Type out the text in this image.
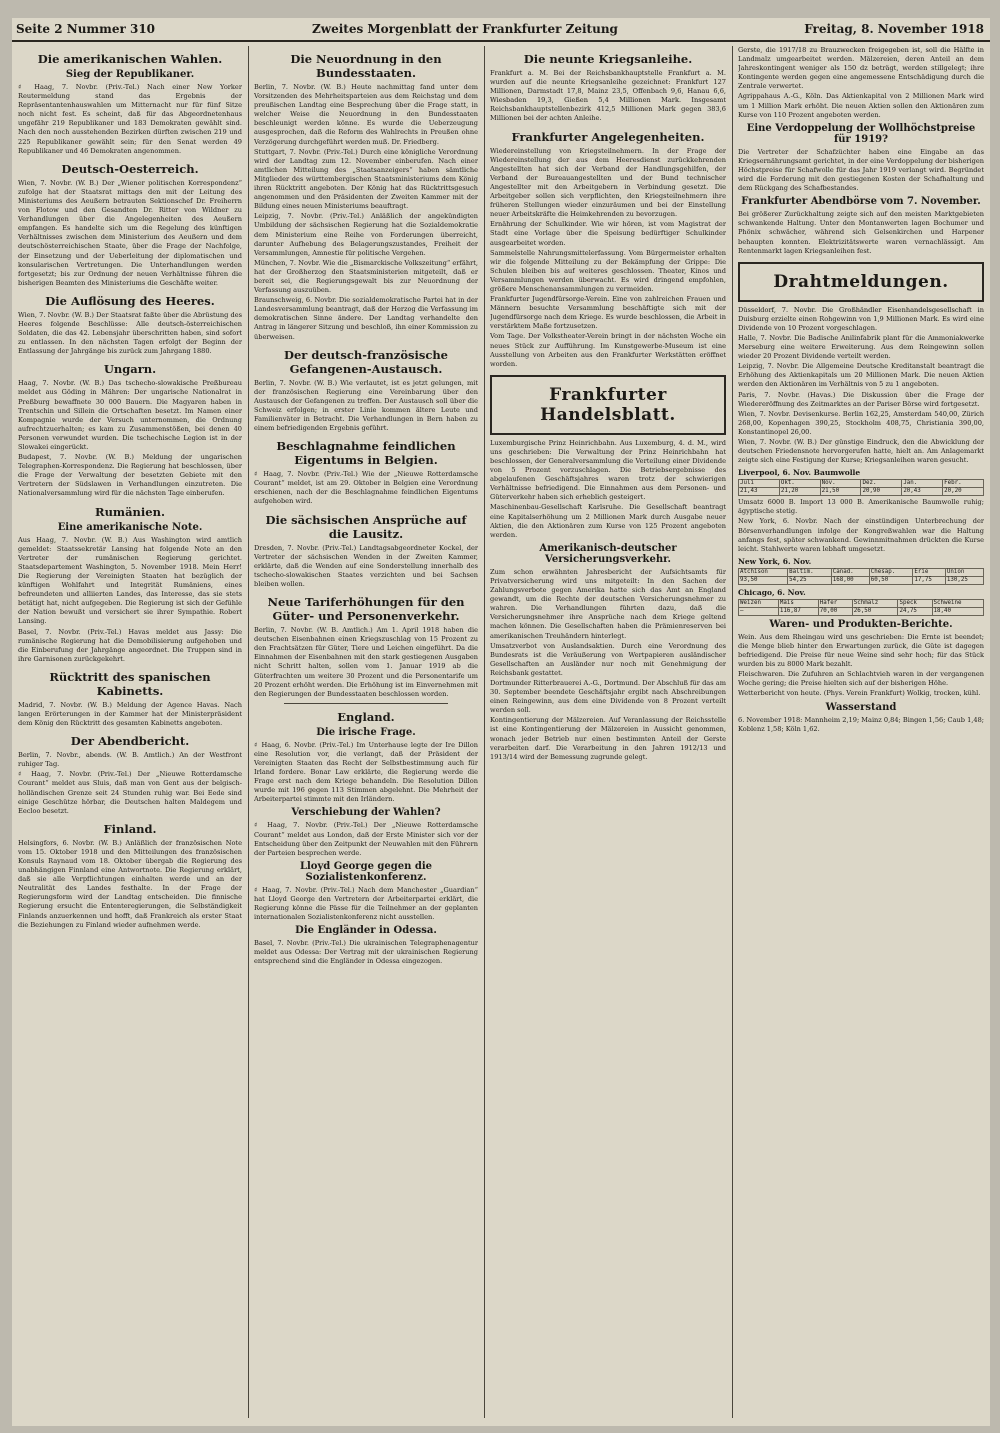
Seite 2 Nummer 310	Zweites Morgenblatt der Frankfurter Zeitung	Freitag, 8. November 1918
Die amerikanischen Wahlen.
Sieg der Republikaner.

♯ Haag, 7. Novbr. (Priv.-Tel.) Nach einer New Yorker Reutermeldung stand das Ergebnis der Repräsentantenhauswahlen um Mitternacht nur für fünf Sitze noch nicht fest. Es scheint, daß für das Abgeordnetenhaus ungefähr 219 Republikaner und 183 Demokraten gewählt sind. Nach den noch ausstehenden Bezirken dürften zwischen 219 und 225 Republikaner gewählt sein; für den Senat werden 49 Republikaner und 46 Demokraten angenommen.

Deutsch-Oesterreich.

Wien, 7. Novbr. (W. B.) Der „Wiener politischen Korrespondenz“ zufolge hat der Staatsrat mittags den mit der Leitung des Ministeriums des Aeußern betrauten Sektionschef Dr. Freiherrn von Flotow und den Gesandten Dr. Ritter von Wildner zu Verhandlungen über die Angelegenheiten des Aeußern empfangen. Es handelte sich um die Regelung des künftigen Verhältnisses zwischen dem Ministerium des Aeußern und dem deutschösterreichischen Staate, über die Frage der Nachfolge, der Einsetzung und der Ueberleitung der diplomatischen und konsularischen Vertretungen. Die Unterhandlungen werden fortgesetzt; bis zur Ordnung der neuen Verhältnisse führen die bisherigen Beamten des Ministeriums die Geschäfte weiter.

Die Auflösung des Heeres.

Wien, 7. Novbr. (W. B.) Der Staatsrat faßte über die Abrüstung des Heeres folgende Beschlüsse: Alle deutsch-österreichischen Soldaten, die das 42. Lebensjahr überschritten haben, sind sofort zu entlassen. In den nächsten Tagen erfolgt der Beginn der Entlassung der Jahrgänge bis zurück zum Jahrgang 1880.

Ungarn.

Haag, 7. Novbr. (W. B.) Das tschecho-slowakische Preßbureau meldet aus Göding in Mähren: Der ungarische Nationalrat in Preßburg bewaffnete 30 000 Bauern. Die Magyaren haben in Trentschin und Sillein die Ortschaften besetzt. Im Namen einer Kompagnie wurde der Versuch unternommen, die Ordnung aufrechtzuerhalten; es kam zu Zusammenstößen, bei denen 40 Personen verwundet wurden. Die tschechische Legion ist in der Slowakei eingerückt.

Budapest, 7. Novbr. (W. B.) Meldung der ungarischen Telegraphen-Korrespondenz. Die Regierung hat beschlossen, über die Frage der Verwaltung der besetzten Gebiete mit den Vertretern der Südslawen in Verhandlungen einzutreten. Die Nationalversammlung wird für die nächsten Tage einberufen.

Rumänien.
Eine amerikanische Note.

Aus Haag, 7. Novbr. (W. B.) Aus Washington wird amtlich gemeldet: Staatssekretär Lansing hat folgende Note an den Vertreter der rumänischen Regierung gerichtet. Staatsdepartement Washington, 5. November 1918. Mein Herr! Die Regierung der Vereinigten Staaten hat bezüglich der künftigen Wohlfahrt und Integrität Rumäniens, eines befreundeten und alliierten Landes, das Interesse, das sie stets betätigt hat, nicht aufgegeben. Die Regierung ist sich der Gefühle der Nation bewußt und versichert sie ihrer Sympathie. Robert Lansing.

Basel, 7. Novbr. (Priv.-Tel.) Havas meldet aus Jassy: Die rumänische Regierung hat die Demobilisierung aufgehoben und die Einberufung der Jahrgänge angeordnet. Die Truppen sind in ihre Garnisonen zurückgekehrt.

Rücktritt des spanischen Kabinetts.

Madrid, 7. Novbr. (W. B.) Meldung der Agence Havas. Nach langen Erörterungen in der Kammer hat der Ministerpräsident dem König den Rücktritt des gesamten Kabinetts angeboten.

Der Abendbericht.

Berlin, 7. Novbr., abends. (W. B. Amtlich.) An der Westfront ruhiger Tag.

♯ Haag, 7. Novbr. (Priv.-Tel.) Der „Nieuwe Rotterdamsche Courant“ meldet aus Sluis, daß man von Gent aus der belgisch-holländischen Grenze seit 24 Stunden ruhig war. Bei Eede sind einige Geschütze hörbar, die Deutschen halten Maldegem und Eecloo besetzt.

Finland.

Helsingfors, 6. Novbr. (W. B.) Anläßlich der französischen Note vom 15. Oktober 1918 und den Mitteilungen des französischen Konsuls Raynaud vom 18. Oktober übergab die Regierung des unabhängigen Finnland eine Antwortnote. Die Regierung erklärt, daß sie alle Verpflichtungen einhalten werde und an der Neutralität des Landes festhalte. In der Frage der Regierungsform wird der Landtag entscheiden. Die finnische Regierung ersucht die Ententeregierungen, die Selbständigkeit Finlands anzuerkennen und hofft, daß Frankreich als erster Staat die Beziehungen zu Finland wieder aufnehmen werde.

Die Neuordnung in den Bundesstaaten.

Berlin, 7. Novbr. (W. B.) Heute nachmittag fand unter dem Vorsitzenden des Mehrheitsparteien aus dem Reichstag und dem preußischen Landtag eine Besprechung über die Frage statt, in welcher Weise die Neuordnung in den Bundesstaaten beschleunigt werden könne. Es wurde die Ueberzeugung ausgesprochen, daß die Reform des Wahlrechts in Preußen ohne Verzögerung durchgeführt werden muß. Dr. Friedberg.

Stuttgart, 7. Novbr. (Priv.-Tel.) Durch eine königliche Verordnung wird der Landtag zum 12. November einberufen. Nach einer amtlichen Mitteilung des „Staatsanzeigers“ haben sämtliche Mitglieder des württembergischen Staatsministeriums dem König ihren Rücktritt angeboten. Der König hat das Rücktrittsgesuch angenommen und den Präsidenten der Zweiten Kammer mit der Bildung eines neuen Ministeriums beauftragt.

Leipzig, 7. Novbr. (Priv.-Tel.) Anläßlich der angekündigten Umbildung der sächsischen Regierung hat die Sozialdemokratie dem Ministerium eine Reihe von Forderungen überreicht, darunter Aufhebung des Belagerungszustandes, Freiheit der Versammlungen, Amnestie für politische Vergehen.

München, 7. Novbr. Wie die „Bismarckische Volkszeitung“ erfährt, hat der Großherzog den Staatsministerien mitgeteilt, daß er bereit sei, die Regierungsgewalt bis zur Neuordnung der Verfassung auszuüben.

Braunschweig, 6. Novbr. Die sozialdemokratische Partei hat in der Landesversammlung beantragt, daß der Herzog die Verfassung im demokratischen Sinne ändere. Der Landtag verhandelte den Antrag in längerer Sitzung und beschloß, ihn einer Kommission zu überweisen.

Der deutsch-französische Gefangenen-Austausch.

Berlin, 7. Novbr. (W. B.) Wie verlautet, ist es jetzt gelungen, mit der französischen Regierung eine Vereinbarung über den Austausch der Gefangenen zu treffen. Der Austausch soll über die Schweiz erfolgen; in erster Linie kommen ältere Leute und Familienväter in Betracht. Die Verhandlungen in Bern haben zu einem befriedigenden Ergebnis geführt.

Beschlagnahme feindlichen Eigentums in Belgien.

♯ Haag, 7. Novbr. (Priv.-Tel.) Wie der „Nieuwe Rotterdamsche Courant“ meldet, ist am 29. Oktober in Belgien eine Verordnung erschienen, nach der die Beschlagnahme feindlichen Eigentums aufgehoben wird.

Die sächsischen Ansprüche auf die Lausitz.

Dresden, 7. Novbr. (Priv.-Tel.) Landtagsabgeordneter Kockel, der Vertreter der sächsischen Wenden in der Zweiten Kammer, erklärte, daß die Wenden auf eine Sonderstellung innerhalb des tschecho-slowakischen Staates verzichten und bei Sachsen bleiben wollen.

Neue Tariferhöhungen für den Güter- und Personenverkehr.

Berlin, 7. Novbr. (W. B. Amtlich.) Am 1. April 1918 haben die deutschen Eisenbahnen einen Kriegszuschlag von 15 Prozent zu den Frachtsätzen für Güter, Tiere und Leichen eingeführt. Da die Einnahmen der Eisenbahnen mit den stark gestiegenen Ausgaben nicht Schritt halten, sollen vom 1. Januar 1919 ab die Güterfrachten um weitere 30 Prozent und die Personentarife um 20 Prozent erhöht werden. Die Erhöhung ist im Einvernehmen mit den Regierungen der Bundesstaaten beschlossen worden.

England.
Die irische Frage.

♯ Haag, 6. Novbr. (Priv.-Tel.) Im Unterhause legte der Ire Dillon eine Resolution vor, die verlangt, daß der Präsident der Vereinigten Staaten das Recht der Selbstbestimmung auch für Irland fordere. Bonar Law erklärte, die Regierung werde die Frage erst nach dem Kriege behandeln. Die Resolution Dillon wurde mit 196 gegen 113 Stimmen abgelehnt. Die Mehrheit der Arbeiterpartei stimmte mit den Irländern.

Verschiebung der Wahlen?

♯ Haag, 7. Novbr. (Priv.-Tel.) Der „Nieuwe Rotterdamsche Courant“ meldet aus London, daß der Erste Minister sich vor der Entscheidung über den Zeitpunkt der Neuwahlen mit den Führern der Parteien besprechen werde.

Lloyd George gegen die Sozialistenkonferenz.

♯ Haag, 7. Novbr. (Priv.-Tel.) Nach dem Manchester „Guardian“ hat Lloyd George den Vertretern der Arbeiterpartei erklärt, die Regierung könne die Pässe für die Teilnehmer an der geplanten internationalen Sozialistenkonferenz nicht ausstellen.

Die Engländer in Odessa.

Basel, 7. Novbr. (Priv.-Tel.) Die ukrainischen Telegraphenagentur meldet aus Odessa: Der Vertrag mit der ukrainischen Regierung entsprechend sind die Engländer in Odessa eingezogen.

Die neunte Kriegsanleihe.

Frankfurt a. M. Bei der Reichsbankhauptstelle Frankfurt a. M. wurden auf die neunte Kriegsanleihe gezeichnet: Frankfurt 127 Millionen, Darmstadt 17,8, Mainz 23,5, Offenbach 9,6, Hanau 6,6, Wiesbaden 19,3, Gießen 5,4 Millionen Mark. Insgesamt Reichsbankhauptstellenbezirk 412,5 Millionen Mark gegen 383,6 Millionen bei der achten Anleihe.

Frankfurter Angelegenheiten.

Wiedereinstellung von Kriegsteilnehmern. In der Frage der Wiedereinstellung der aus dem Heeresdienst zurückkehrenden Angestellten hat sich der Verband der Handlungsgehilfen, der Verband der Bureauangestellten und der Bund technischer Angestellter mit den Arbeitgebern in Verbindung gesetzt. Die Arbeitgeber sollen sich verpflichten, den Kriegsteilnehmern ihre früheren Stellungen wieder einzuräumen und bei der Einstellung neuer Arbeitskräfte die Heimkehrenden zu bevorzugen.

Ernährung der Schulkinder. Wie wir hören, ist vom Magistrat der Stadt eine Vorlage über die Speisung bedürftiger Schulkinder ausgearbeitet worden.

Sammelstelle Nahrungsmittelerfassung. Vom Bürgermeister erhalten wir die folgende Mitteilung zu der Bekämpfung der Grippe: Die Schulen bleiben bis auf weiteres geschlossen. Theater, Kinos und Versammlungen werden überwacht. Es wird dringend empfohlen, größere Menschenansammlungen zu vermeiden.

Frankfurter Jugendfürsorge-Verein. Eine von zahlreichen Frauen und Männern besuchte Versammlung beschäftigte sich mit der Jugendfürsorge nach dem Kriege. Es wurde beschlossen, die Arbeit in verstärktem Maße fortzusetzen.

Vom Tage. Der Volkstheater-Verein bringt in der nächsten Woche ein neues Stück zur Aufführung. Im Kunstgewerbe-Museum ist eine Ausstellung von Arbeiten aus den Frankfurter Werkstätten eröffnet worden.

Frankfurter Handelsblatt.

Luxemburgische Prinz Heinrichbahn. Aus Luxemburg, 4. d. M., wird uns geschrieben: Die Verwaltung der Prinz Heinrichbahn hat beschlossen, der Generalversammlung die Verteilung einer Dividende von 5 Prozent vorzuschlagen. Die Betriebsergebnisse des abgelaufenen Geschäftsjahres waren trotz der schwierigen Verhältnisse befriedigend. Die Einnahmen aus dem Personen- und Güterverkehr haben sich erheblich gesteigert.

Maschinenbau-Gesellschaft Karlsruhe. Die Gesellschaft beantragt eine Kapitalserhöhung um 2 Millionen Mark durch Ausgabe neuer Aktien, die den Aktionären zum Kurse von 125 Prozent angeboten werden.

Amerikanisch-deutscher Versicherungsverkehr.

Zum schon erwähnten Jahresbericht der Aufsichtsamts für Privatversicherung wird uns mitgeteilt: In den Sachen der Zahlungsverbote gegen Amerika hatte sich das Amt an England gewandt, um die Rechte der deutschen Versicherungsnehmer zu wahren. Die Verhandlungen führten dazu, daß die Versicherungsnehmer ihre Ansprüche nach dem Kriege geltend machen können. Die Gesellschaften haben die Prämienreserven bei amerikanischen Treuhändern hinterlegt.

Umsatzverbot von Auslandsaktien. Durch eine Verordnung des Bundesrats ist die Veräußerung von Wertpapieren ausländischer Gesellschaften an Ausländer nur noch mit Genehmigung der Reichsbank gestattet.

Dortmunder Ritterbrauerei A.-G., Dortmund. Der Abschluß für das am 30. September beendete Geschäftsjahr ergibt nach Abschreibungen einen Reingewinn, aus dem eine Dividende von 8 Prozent verteilt werden soll.

Kontingentierung der Mälzereien. Auf Veranlassung der Reichsstelle ist eine Kontingentierung der Mälzereien in Aussicht genommen, wonach jeder Betrieb nur einen bestimmten Anteil der Gerste verarbeiten darf. Die Verarbeitung in den Jahren 1912/13 und 1913/14 wird der Bemessung zugrunde gelegt.

Gerste, die 1917/18 zu Brauzwecken freigegeben ist, soll die Hälfte in Landmalz umgearbeitet werden. Mälzereien, deren Anteil an dem Jahreskontingent weniger als 150 dz beträgt, werden stillgelegt; ihre Kontingente werden gegen eine angemessene Entschädigung durch die Zentrale verwertet.

Agrippahaus A.-G., Köln. Das Aktienkapital von 2 Millionen Mark wird um 1 Million Mark erhöht. Die neuen Aktien sollen den Aktionären zum Kurse von 110 Prozent angeboten werden.

Eine Verdoppelung der Wollhöchstpreise für 1919?

Die Vertreter der Schafzüchter haben eine Eingabe an das Kriegsernährungsamt gerichtet, in der eine Verdoppelung der bisherigen Höchstpreise für Schafwolle für das Jahr 1919 verlangt wird. Begründet wird die Forderung mit den gestiegenen Kosten der Schafhaltung und dem Rückgang des Schafbestandes.

Frankfurter Abendbörse vom 7. November.

Bei größerer Zurückhaltung zeigte sich auf den meisten Marktgebieten schwankende Haltung. Unter den Montanwerten lagen Bochumer und Phönix schwächer, während sich Gelsenkirchen und Harpener behaupten konnten. Elektrizitätswerte waren vernachlässigt. Am Rentenmarkt lagen Kriegsanleihen fest.

Drahtmeldungen.

Düsseldorf, 7. Novbr. Die Großhändler Eisenhandelsgesellschaft in Duisburg erzielte einen Rohgewinn von 1,9 Millionen Mark. Es wird eine Dividende von 10 Prozent vorgeschlagen.

Halle, 7. Novbr. Die Badische Anilinfabrik plant für die Ammoniakwerke Merseburg eine weitere Erweiterung. Aus dem Reingewinn sollen wieder 20 Prozent Dividende verteilt werden.

Leipzig, 7. Novbr. Die Allgemeine Deutsche Kreditanstalt beantragt die Erhöhung des Aktienkapitals um 20 Millionen Mark. Die neuen Aktien werden den Aktionären im Verhältnis von 5 zu 1 angeboten.

Paris, 7. Novbr. (Havas.) Die Diskussion über die Frage der Wiedereröffnung des Zeitmarktes an der Pariser Börse wird fortgesetzt.

Wien, 7. Novbr. Devisenkurse. Berlin 162,25, Amsterdam 540,00, Zürich 268,00, Kopenhagen 390,25, Stockholm 408,75, Christiania 390,00, Konstantinopel 26,00.

Wien, 7. Novbr. (W. B.) Der günstige Eindruck, den die Abwicklung der deutschen Friedensnote hervorgerufen hatte, hielt an. Am Anlagemarkt zeigte sich eine Festigung der Kurse; Kriegsanleihen waren gesucht.

Liverpool, 6. Nov. Baumwolle
Juli	Okt.	Nov.	Dez.	Jan.	Febr.
21,43	21,20	21,50	20,90	20,43	20,20

Umsatz 6000 B. Import 13 000 B. Amerikanische Baumwolle ruhig; ägyptische stetig.

New York, 6. Novbr. Nach der einstündigen Unterbrechung der Börsenverhandlungen infolge der Kongreßwahlen war die Haltung anfangs fest, später schwankend. Gewinnmitnahmen drückten die Kurse leicht. Stahlwerte waren lebhaft umgesetzt.

New York, 6. Nov.
Atchison	Baltim.	Canad.	Chesap.	Erie	Union
93,50	54,25	168,00	60,50	17,75	130,25
Chicago, 6. Nov.
Weizen	Mais	Hafer	Schmalz	Speck	Schweine
—	116,87	70,00	26,50	24,75	18,40
Waren- und Produkten-Berichte.

Wein. Aus dem Rheingau wird uns geschrieben: Die Ernte ist beendet; die Menge blieb hinter den Erwartungen zurück, die Güte ist dagegen befriedigend. Die Preise für neue Weine sind sehr hoch; für das Stück wurden bis zu 8000 Mark bezahlt.

Fleischwaren. Die Zufuhren an Schlachtvieh waren in der vergangenen Woche gering; die Preise hielten sich auf der bisherigen Höhe.

Wetterbericht von heute. (Phys. Verein Frankfurt) Wolkig, trocken, kühl.

Wasserstand

6. November 1918: Mannheim 2,19; Mainz 0,84; Bingen 1,56; Caub 1,48; Koblenz 1,58; Köln 1,62.
